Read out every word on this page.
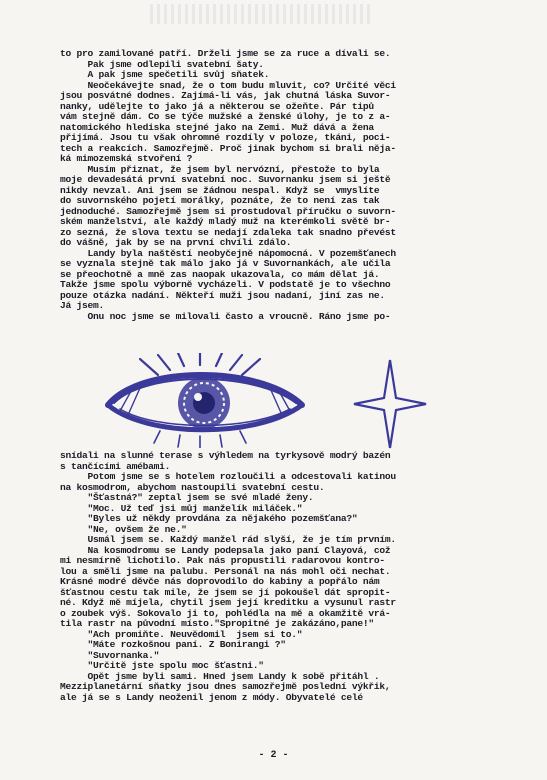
to pro zamilované patří. Drželi jsme se za ruce a dívali se.
Pak jsme odlepili svatební šaty.
A pak jsme spečetili svůj sňatek.
Neočekávejte snad, že o tom budu mluvit, co? Určité věci
jsou posvátné dodnes. Zajímá-li vás, jak chutná láska Suvor-
nanky, udělejte to jako já a některou se ožeňte. Pár tipů
vám stejně dám. Co se týče mužské a ženské úlohy, je to z a-
natomického hlediska stejné jako na Zemi. Muž dává a žena
přijímá. Jsou tu však ohromné rozdíly v poloze, tkáni, poci-
tech a reakcích. Samozřejmě. Proč jinak bychom si brali něja-
ká mimozemská stvoření ?
Musím přiznat, že jsem byl nervózní, přestože to byla
moje devadesátá první svatební noc. Suvornanku jsem si ještě
nikdy nevzal. Ani jsem se žádnou nespal. Když se  vmyslíte
do suvornského pojetí morálky, poznáte, že to není zas tak
jednoduché. Samozřejmě jsem si prostudoval příručku o suvorn-
ském manželství, ale každý mladý muž na kterémkoli světě br-
zo sezná, že slova textu se nedají zdaleka tak snadno převést
do vášně, jak by se na první chvíli zdálo.
Landy byla naštěstí neobyčejně nápomocná. V pozemšťanech
se vyznala stejně tak málo jako já v Suvornankách, ale učila
se přeochotně a mně zas naopak ukazovala, co mám dělat já.
Takže jsme spolu výborně vycházeli. V podstatě je to všechno
pouze otázka nadání. Někteří muži jsou nadaní, jiní zas ne.
Já jsem.
Onu noc jsme se milovali často a vroucně. Ráno jsme po-
snídali na slunné terase s výhledem na tyrkysově modrý bazén
s tančícími amébami.
Potom jsme se s hotelem rozloučili a odcestovali katinou
na kosmodrom, abychom nastoupili svatební cestu.
"Šťastná?" zeptal jsem se své mladé ženy.
"Moc. Už teď jsi můj manželík miláček."
"Byles už někdy provdána za nějakého pozemšťana?"
"Ne, ovšem že ne."
Usmál jsem se. Každý manžel rád slyší, že je tím prvním.
Na kosmodromu se Landy podepsala jako paní Clayová, což
mi nesmírně lichotilo. Pak nás propustili radarovou kontro-
lou a směli jsme na palubu. Personál na nás mohl oči nechat.
Krásné modré děvče nás doprovodilo do kabiny a popřálo nám
šťastnou cestu tak mile, že jsem se jí pokoušel dát spropit-
né. Když mě míjela, chytil jsem její kreditku a vysunul rastr
o zoubek výš. Sokovalo ji to, pohlédla na mě a okamžitě vrá-
tila rastr na původní místo."Spropitné je zakázáno,pane!"
"Ach promiňte. Neuvědomil  jsem si to."
"Máte rozkošnou paní. Z Bonirangi ?"
"Suvornanka."
"Určitě jste spolu moc šťastni."
Opět jsme byli sami. Hned jsem Landy k sobě přitáhl .
Mezziplanetární sňatky jsou dnes samozřejmě poslední výkřik,
ale já se s Landy neoženil jenom z módy. Obyvatelé celé
- 2 -
